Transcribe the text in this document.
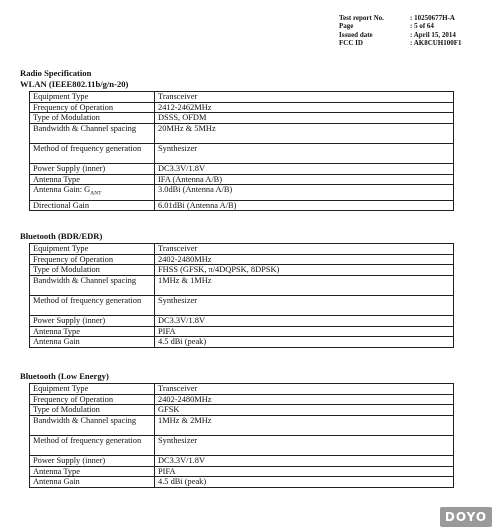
Test report No.	: 10250677H-A
Page	: 5 of 64
Issued date	: April 15, 2014
FCC ID	: AK8CUH100F1
Radio Specification
WLAN (IEEE802.11b/g/n-20)
Equipment Type	Transceiver
Frequency of Operation	2412-2462MHz
Type of Modulation	DSSS, OFDM
Bandwidth & Channel spacing	20MHz & 5MHz
Method of frequency generation	Synthesizer
Power Supply (inner)	DC3.3V/1.8V
Antenna Type	IFA (Antenna A/B)
Antenna Gain: $G_{ANT}$	3.0dBi (Antenna A/B)
Directional Gain	6.01dBi (Antenna A/B)
Bluetooth (BDR/EDR)
Equipment Type	Transceiver
Frequency of Operation	2402-2480MHz
Type of Modulation	FHSS (GFSK, π/4DQPSK, 8DPSK)
Bandwidth & Channel spacing	1MHz & 1MHz
Method of frequency generation	Synthesizer
Power Supply (inner)	DC3.3V/1.8V
Antenna Type	PIFA
Antenna Gain	4.5 dBi (peak)
Bluetooth (Low Energy)
Equipment Type	Transceiver
Frequency of Operation	2402-2480MHz
Type of Modulation	GFSK
Bandwidth & Channel spacing	1MHz & 2MHz
Method of frequency generation	Synthesizer
Power Supply (inner)	DC3.3V/1.8V
Antenna Type	PIFA
Antenna Gain	4.5 dBi (peak)
DOYO
